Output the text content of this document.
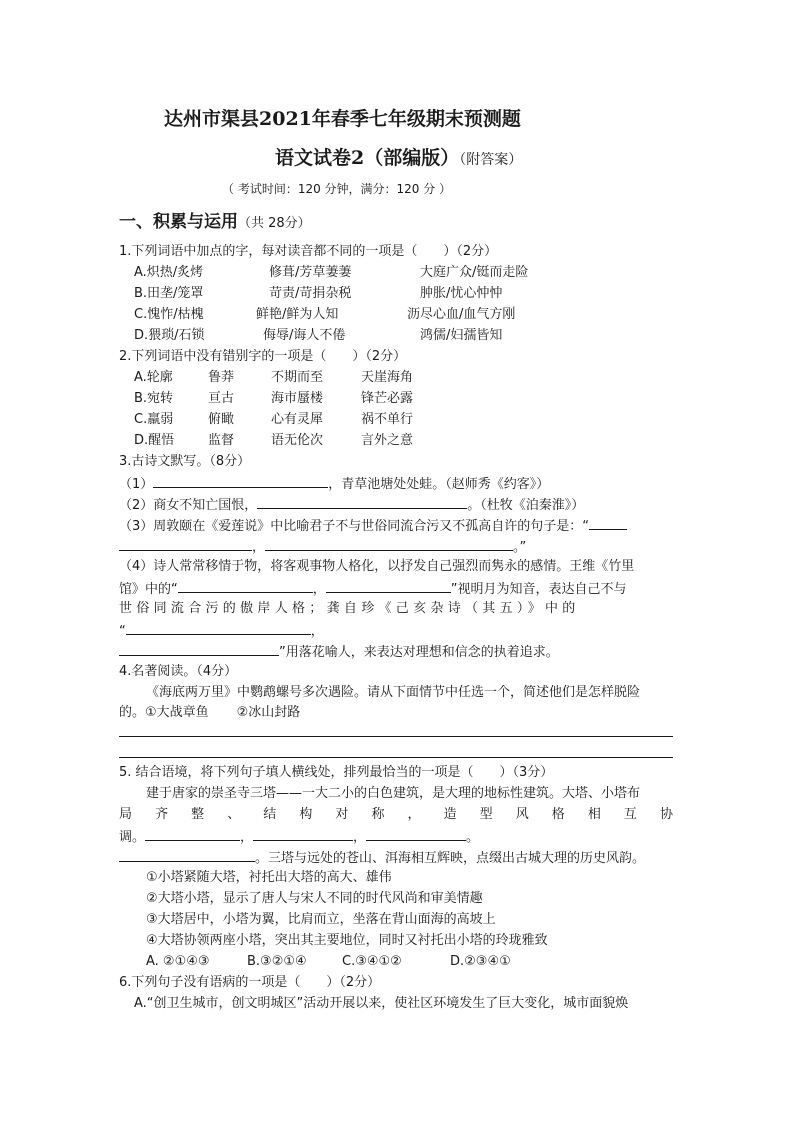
达州市渠县2021年春季七年级期末预测题
语文试卷2（部编版）（附答案）
（ 考试时间：120 分钟，满分：120 分 ）
一、积累与运用（共 28分）
1.下列词语中加点的字，每对读音都不同的一项是（　　）（2分）
A.炽热/炙烤	修葺/芳草萋萋	大庭广众/铤而走险
B.田垄/笼罩	苛责/苛捐杂税	肿胀/忧心忡忡
C.愧怍/枯槐	鲜艳/鲜为人知	沥尽心血/血气方刚
D.猥琐/石锁	侮辱/诲人不倦	鸿儒/妇孺皆知
2.下列词语中没有错别字的一项是（　　）（2分）
A.轮廓	鲁莽	不期而至	天崖海角
B.宛转	亘古	海市蜃楼	锋芒必露
C.羸弱	俯瞰	心有灵犀	祸不单行
D.醒悟	监督	语无伦次	言外之意
3.古诗文默写。（8分）
（1）	，青草池塘处处蛙。（赵师秀《约客》）
（2）商女不知亡国恨，	。（杜牧《泊秦淮》）
（3）周敦颐在《爱莲说》中比喻君子不与世俗同流合污又不孤高自许的句子是：“
，	。”
（4）诗人常常移情于物，将客观事物人格化，以抒发自己强烈而隽永的感情。王维《竹里
馆》中的“	，	”视明月为知音，表达自己不与
世俗同流合污的傲岸人格；龚自珍《己亥杂诗（其五）》中的
“	，
”用落花喻人，来表达对理想和信念的执着追求。
4.名著阅读。（4分）
《海底两万里》中鹦鹉螺号多次遇险。请从下面情节中任选一个，简述他们是怎样脱险
的。①大战章鱼 ②冰山封路
5. 结合语境，将下列句子填人横线处，排列最恰当的一项是（　　）（3分）
建于唐家的崇圣寺三塔——一大二小的白色建筑，是大理的地标性建筑。大塔、小塔布
局 齐 整 、 结 构 对 称 ， 造 型 风 格 相 互 协
调。	，	，	。
。三塔与远处的苍山、洱海相互辉映，点缀出古城大理的历史风韵。
①小塔紧随大塔，衬托出大塔的高大、雄伟
②大塔小塔，显示了唐人与宋人不同的时代风尚和审美情趣
③大塔居中，小塔为翼，比肩而立，坐落在背山面海的高坡上
④大塔协领两座小塔，突出其主要地位，同时又衬托出小塔的玲珑雅致
A. ②①④③	B.③②①④	C.③④①②	D.②③④①
6.下列句子没有语病的一项是（　　）（2分）
A.“创卫生城市，创文明城区”活动开展以来，使社区环境发生了巨大变化，城市面貌焕
